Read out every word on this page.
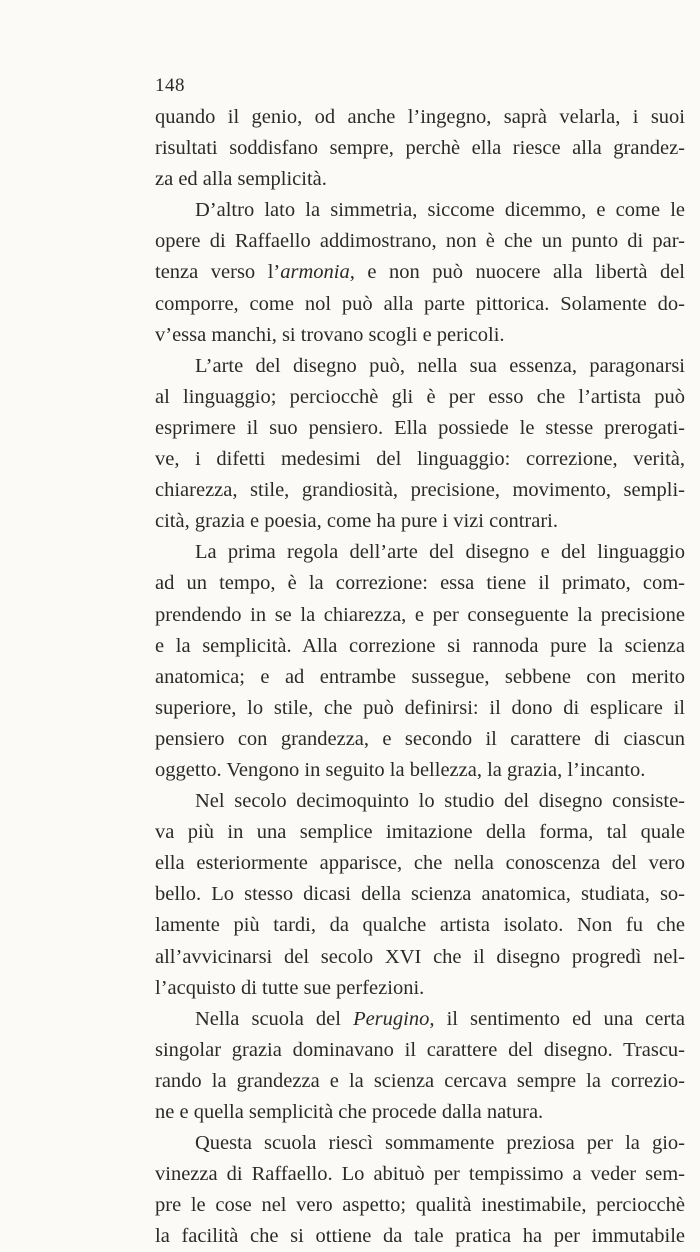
148
quando il genio, od anche l’ingegno, saprà velarla, i suoi
risultati soddisfano sempre, perchè ella riesce alla grandez-
za ed alla semplicità.
D’altro lato la simmetria, siccome dicemmo, e come le
opere di Raffaello addimostrano, non è che un punto di par-
tenza verso l’armonia, e non può nuocere alla libertà del
comporre, come nol può alla parte pittorica. Solamente do-
v’essa manchi, si trovano scogli e pericoli.
L’arte del disegno può, nella sua essenza, paragonarsi
al linguaggio; perciocchè gli è per esso che l’artista può
esprimere il suo pensiero. Ella possiede le stesse prerogati-
ve, i difetti medesimi del linguaggio: correzione, verità,
chiarezza, stile, grandiosità, precisione, movimento, sempli-
cità, grazia e poesia, come ha pure i vizi contrari.
La prima regola dell’arte del disegno e del linguaggio
ad un tempo, è la correzione: essa tiene il primato, com-
prendendo in se la chiarezza, e per conseguente la precisione
e la semplicità. Alla correzione si rannoda pure la scienza
anatomica; e ad entrambe sussegue, sebbene con merito
superiore, lo stile, che può definirsi: il dono di esplicare il
pensiero con grandezza, e secondo il carattere di ciascun
oggetto. Vengono in seguito la bellezza, la grazia, l’incanto.
Nel secolo decimoquinto lo studio del disegno consiste-
va più in una semplice imitazione della forma, tal quale
ella esteriormente apparisce, che nella conoscenza del vero
bello. Lo stesso dicasi della scienza anatomica, studiata, so-
lamente più tardi, da qualche artista isolato. Non fu che
all’avvicinarsi del secolo XVI che il disegno progredì nel-
l’acquisto di tutte sue perfezioni.
Nella scuola del Perugino, il sentimento ed una certa
singolar grazia dominavano il carattere del disegno. Trascu-
rando la grandezza e la scienza cercava sempre la correzio-
ne e quella semplicità che procede dalla natura.
Questa scuola riescì sommamente preziosa per la gio-
vinezza di Raffaello. Lo abituò per tempissimo a veder sem-
pre le cose nel vero aspetto; qualità inestimabile, perciocchè
la facilità che si ottiene da tale pratica ha per immutabile
